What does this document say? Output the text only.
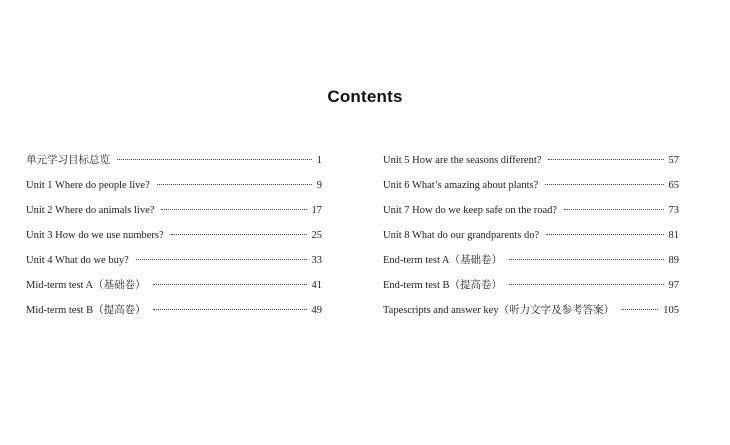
Contents
单元学习目标总览	1
Unit 1 Where do people live?	9
Unit 2 Where do animals live?	17
Unit 3 How do we use numbers?	25
Unit 4 What do we buy?	33
Mid-term test A（基础卷）	41
Mid-term test B（提高卷）	49
Unit 5 How are the seasons different?	57
Unit 6 What’s amazing about plants?	65
Unit 7 How do we keep safe on the road?	73
Unit 8 What do our grandparents do?	81
End-term test A（基础卷）	89
End-term test B（提高卷）	97
Tapescripts and answer key（听力文字及参考答案）	105
